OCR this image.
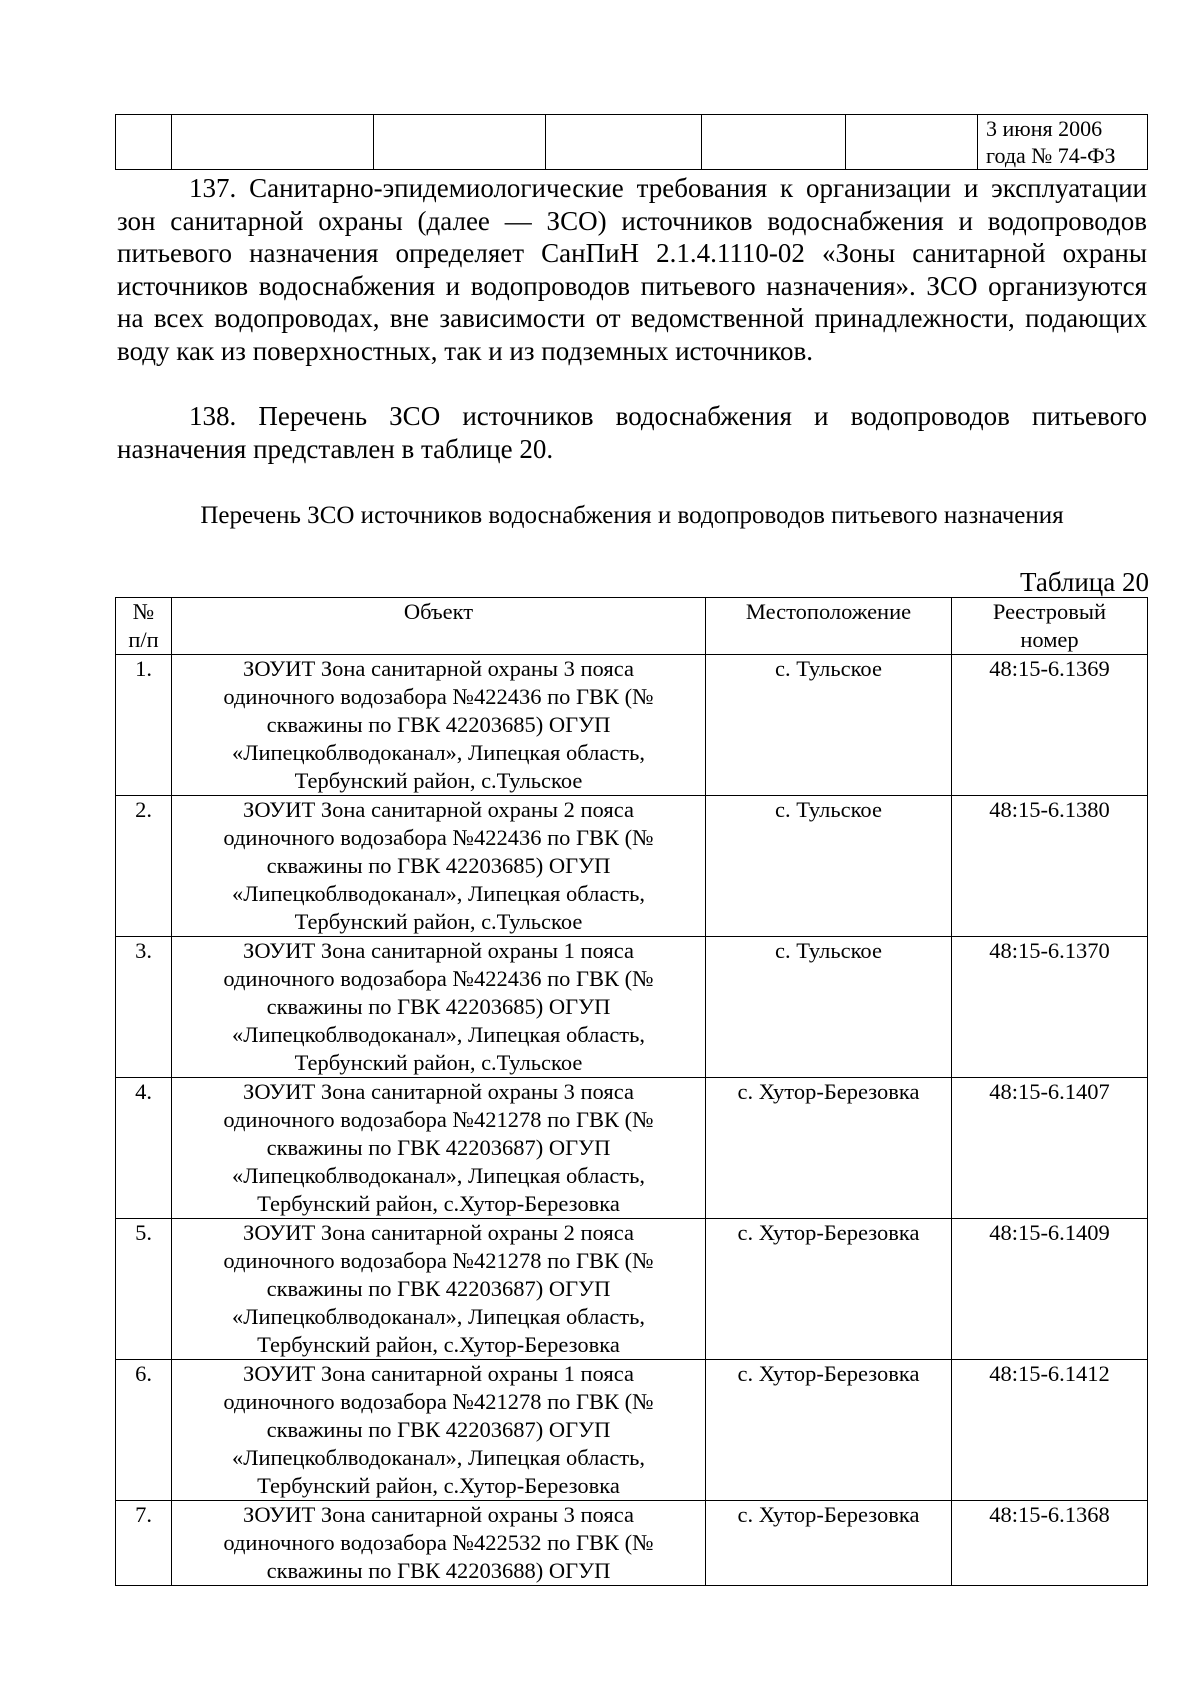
3 июня 2006
года № 74-ФЗ

137. Санитарно-эпидемиологические требования к организации и эксплуатации зон санитарной охраны (далее — ЗСО) источников водоснабжения и водопроводов питьевого назначения определяет СанПиН 2.1.4.1110-02 «Зоны санитарной охраны источников водоснабжения и водопроводов питьевого назначения». ЗСО организуются на всех водопроводах, вне зависимости от ведомственной принадлежности, подающих воду как из поверхностных, так и из подземных источников.

138. Перечень ЗСО источников водоснабжения и водопроводов питьевого назначения представлен в таблице 20.

Перечень ЗСО источников водоснабжения и водопроводов питьевого назначения

Таблица 20

№
п/п	Объект	Местоположение	Реестровый
номер
1.	ЗОУИТ Зона санитарной охраны 3 пояса
одиночного водозабора №422436 по ГВК (№
скважины по ГВК 42203685) ОГУП
«Липецкоблводоканал», Липецкая область,
Тербунский район, с.Тульское	с. Тульское	48:15-6.1369
2.	ЗОУИТ Зона санитарной охраны 2 пояса
одиночного водозабора №422436 по ГВК (№
скважины по ГВК 42203685) ОГУП
«Липецкоблводоканал», Липецкая область,
Тербунский район, с.Тульское	с. Тульское	48:15-6.1380
3.	ЗОУИТ Зона санитарной охраны 1 пояса
одиночного водозабора №422436 по ГВК (№
скважины по ГВК 42203685) ОГУП
«Липецкоблводоканал», Липецкая область,
Тербунский район, с.Тульское	с. Тульское	48:15-6.1370
4.	ЗОУИТ Зона санитарной охраны 3 пояса
одиночного водозабора №421278 по ГВК (№
скважины по ГВК 42203687) ОГУП
«Липецкоблводоканал», Липецкая область,
Тербунский район, с.Хутор-Березовка	с. Хутор-Березовка	48:15-6.1407
5.	ЗОУИТ Зона санитарной охраны 2 пояса
одиночного водозабора №421278 по ГВК (№
скважины по ГВК 42203687) ОГУП
«Липецкоблводоканал», Липецкая область,
Тербунский район, с.Хутор-Березовка	с. Хутор-Березовка	48:15-6.1409
6.	ЗОУИТ Зона санитарной охраны 1 пояса
одиночного водозабора №421278 по ГВК (№
скважины по ГВК 42203687) ОГУП
«Липецкоблводоканал», Липецкая область,
Тербунский район, с.Хутор-Березовка	с. Хутор-Березовка	48:15-6.1412
7.	ЗОУИТ Зона санитарной охраны 3 пояса
одиночного водозабора №422532 по ГВК (№
скважины по ГВК 42203688) ОГУП	с. Хутор-Березовка	48:15-6.1368
